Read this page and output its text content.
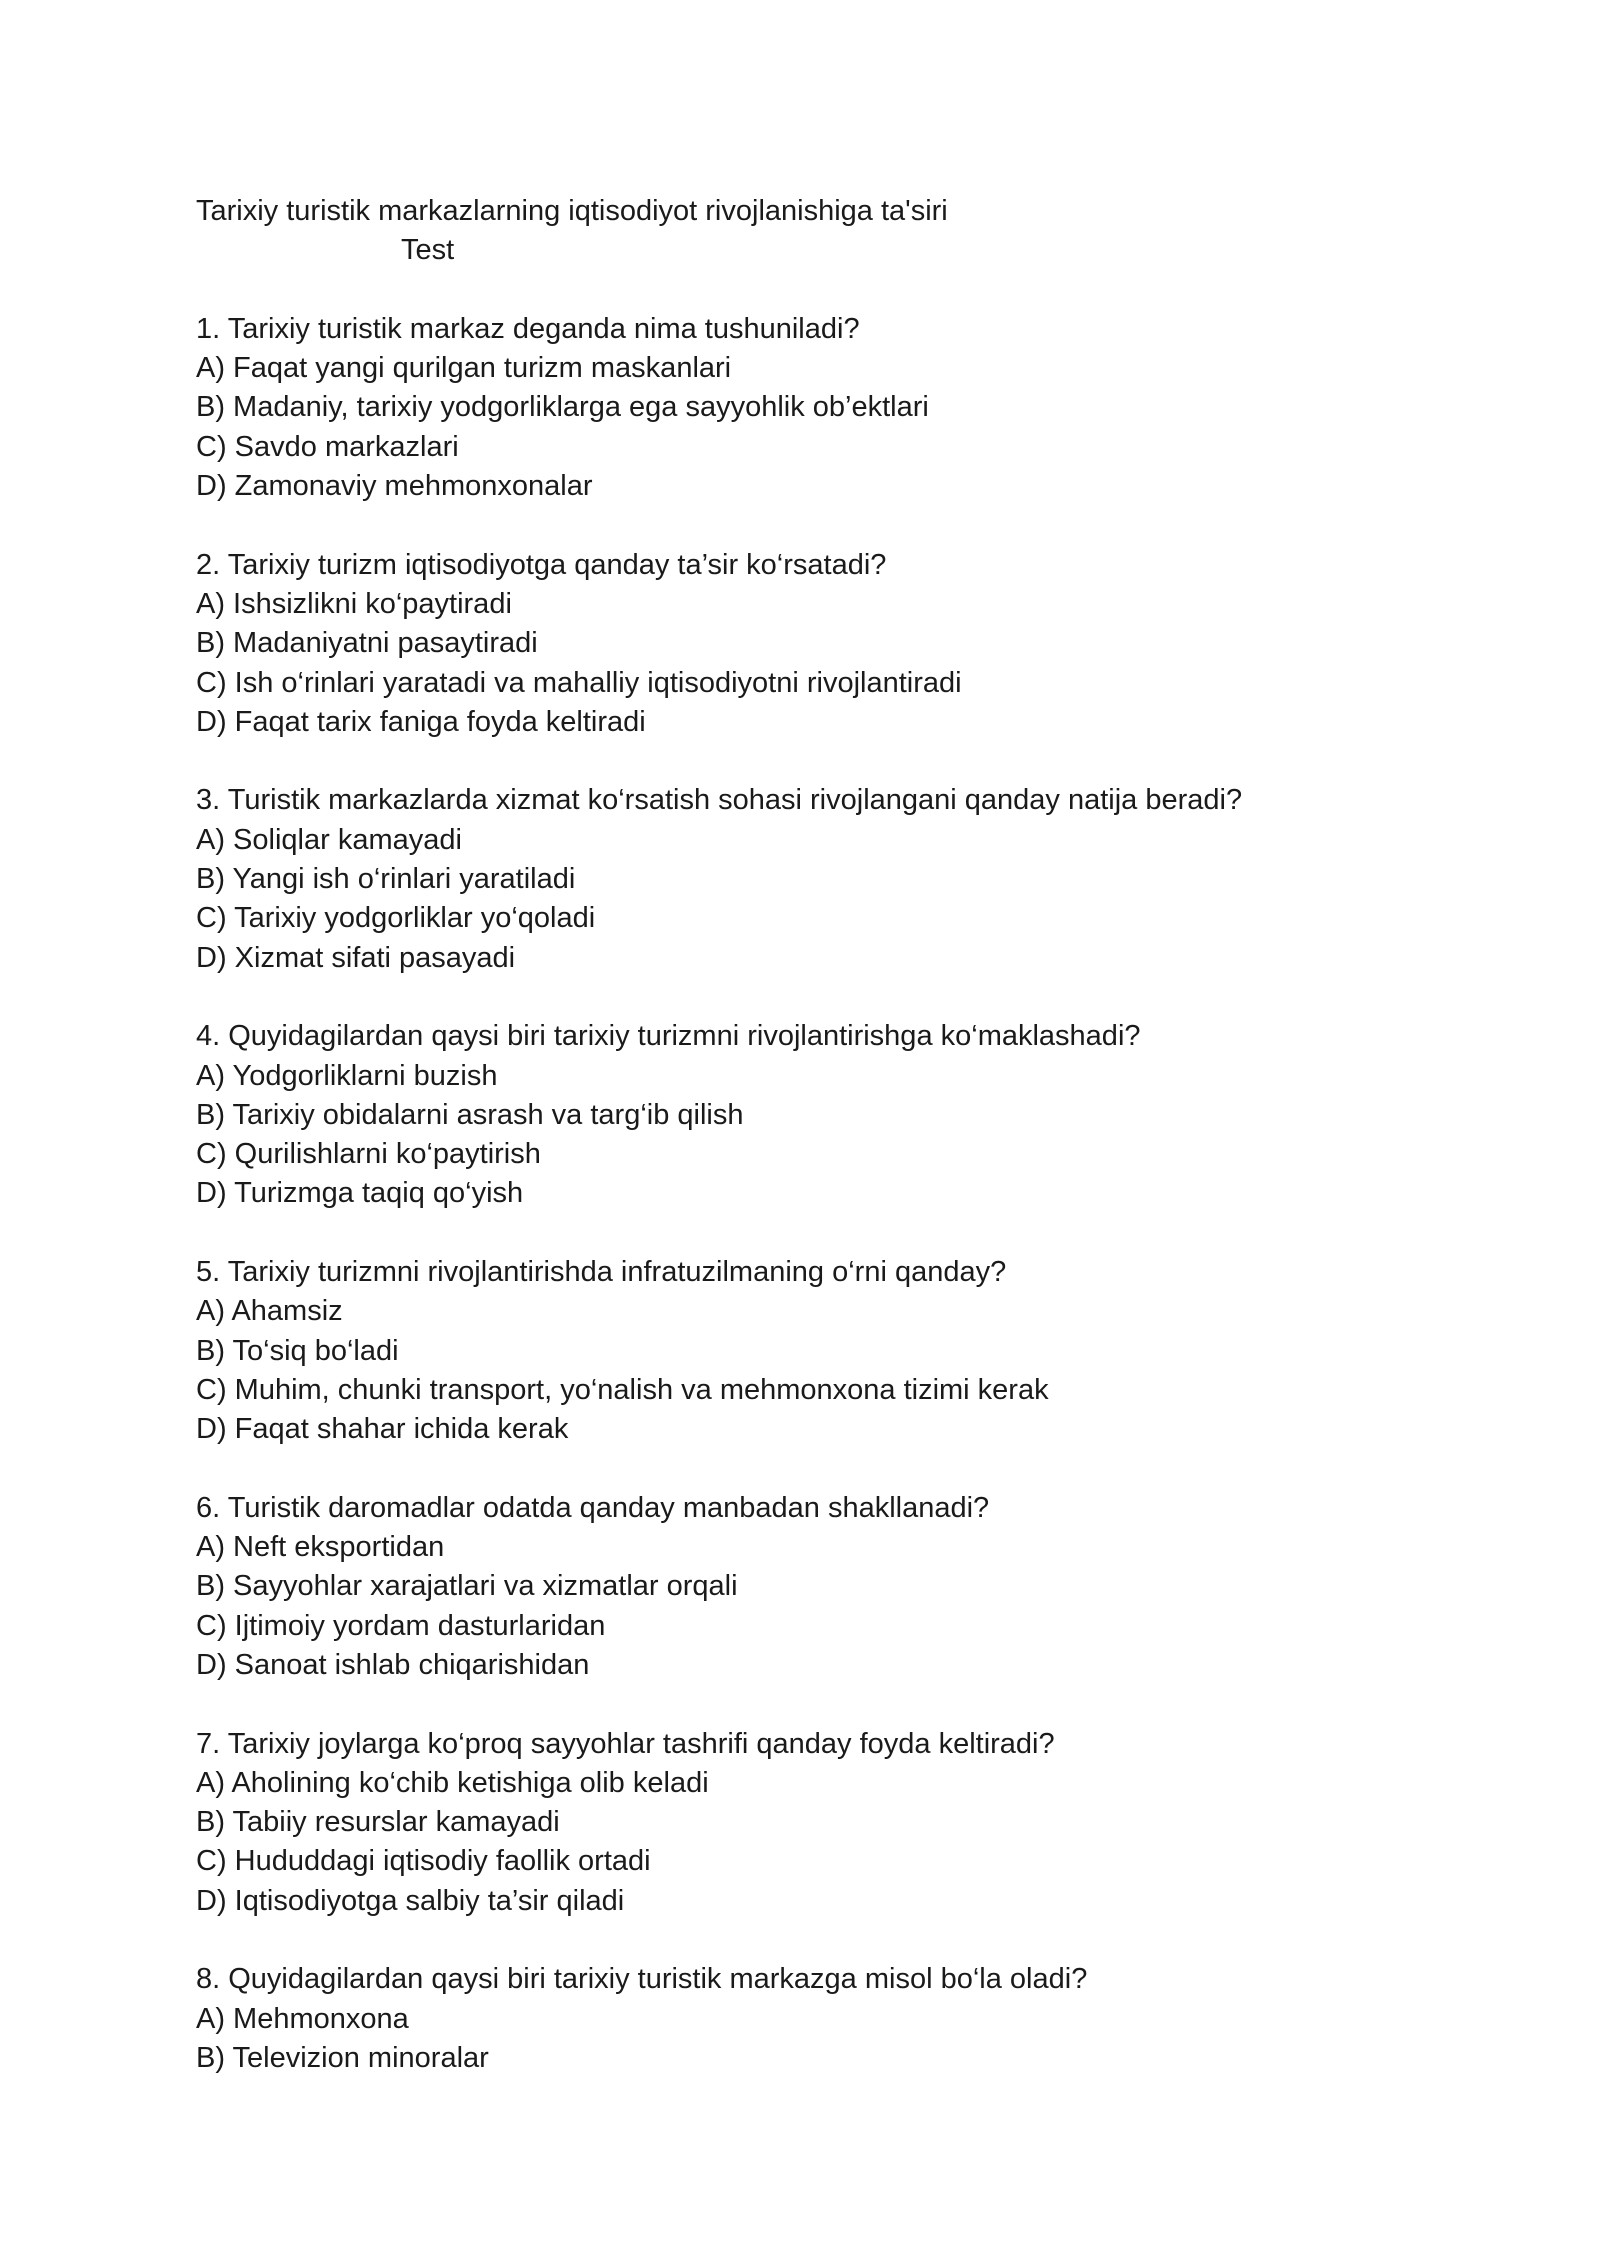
Tarixiy turistik markazlarning iqtisodiyot rivojlanishiga ta'siri
Test
1. Tarixiy turistik markaz deganda nima tushuniladi?
A) Faqat yangi qurilgan turizm maskanlari
B) Madaniy, tarixiy yodgorliklarga ega sayyohlik ob’ektlari
C) Savdo markazlari
D) Zamonaviy mehmonxonalar
2. Tarixiy turizm iqtisodiyotga qanday ta’sir ko‘rsatadi?
A) Ishsizlikni ko‘paytiradi
B) Madaniyatni pasaytiradi
C) Ish o‘rinlari yaratadi va mahalliy iqtisodiyotni rivojlantiradi
D) Faqat tarix faniga foyda keltiradi
3. Turistik markazlarda xizmat ko‘rsatish sohasi rivojlangani qanday natija beradi?
A) Soliqlar kamayadi
B) Yangi ish o‘rinlari yaratiladi
C) Tarixiy yodgorliklar yo‘qoladi
D) Xizmat sifati pasayadi
4. Quyidagilardan qaysi biri tarixiy turizmni rivojlantirishga ko‘maklashadi?
A) Yodgorliklarni buzish
B) Tarixiy obidalarni asrash va targ‘ib qilish
C) Qurilishlarni ko‘paytirish
D) Turizmga taqiq qo‘yish
5. Tarixiy turizmni rivojlantirishda infratuzilmaning o‘rni qanday?
A) Ahamsiz
B) To‘siq bo‘ladi
C) Muhim, chunki transport, yo‘nalish va mehmonxona tizimi kerak
D) Faqat shahar ichida kerak
6. Turistik daromadlar odatda qanday manbadan shakllanadi?
A) Neft eksportidan
B) Sayyohlar xarajatlari va xizmatlar orqali
C) Ijtimoiy yordam dasturlaridan
D) Sanoat ishlab chiqarishidan
7. Tarixiy joylarga ko‘proq sayyohlar tashrifi qanday foyda keltiradi?
A) Aholining ko‘chib ketishiga olib keladi
B) Tabiiy resurslar kamayadi
C) Hududdagi iqtisodiy faollik ortadi
D) Iqtisodiyotga salbiy ta’sir qiladi
8. Quyidagilardan qaysi biri tarixiy turistik markazga misol bo‘la oladi?
A) Mehmonxona
B) Televizion minoralar
